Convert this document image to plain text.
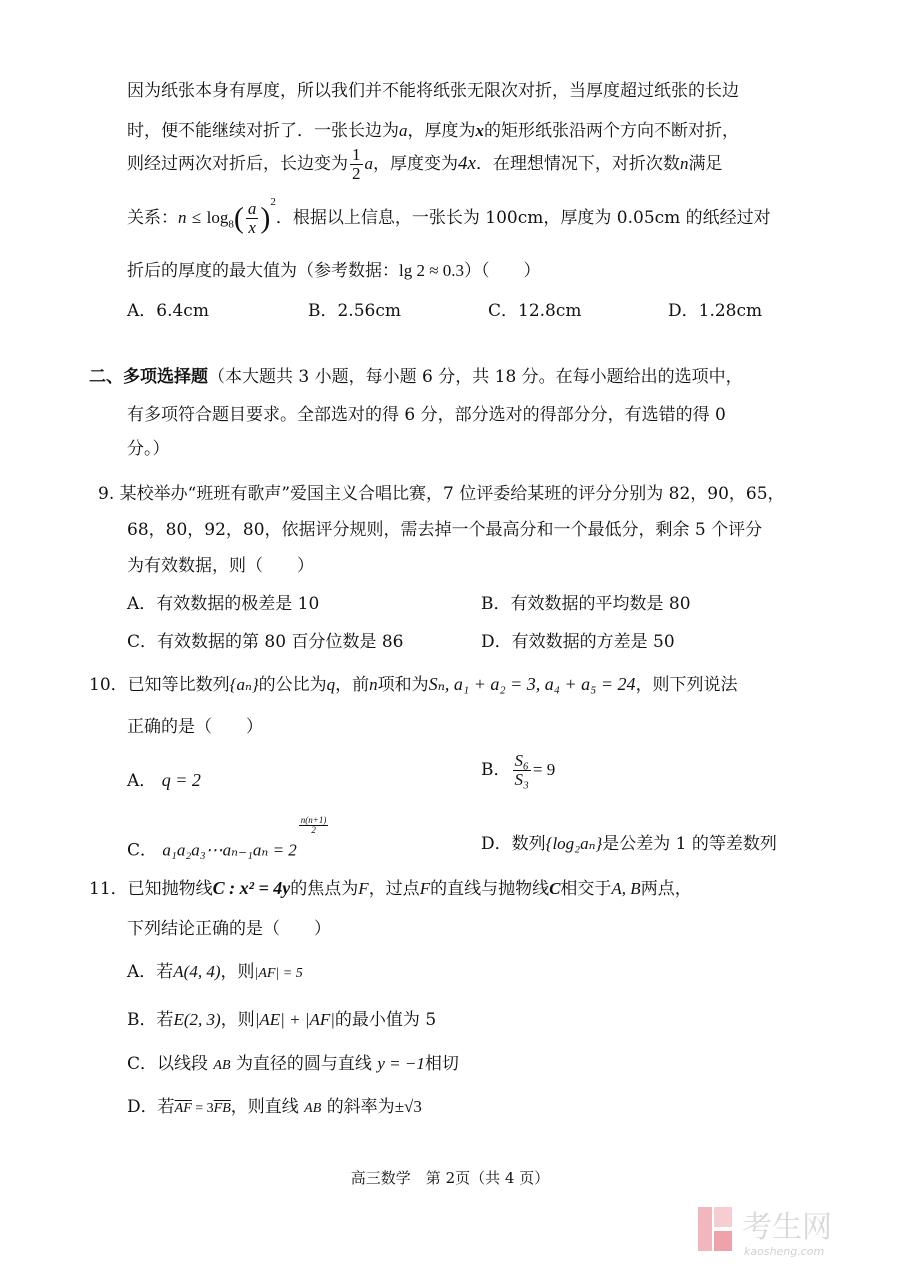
因为纸张本身有厚度，所以我们并不能将纸张无限次对折，当厚度超过纸张的长边
时，便不能继续对折了．一张长边为a，厚度为x的矩形纸张沿两个方向不断对折，
则经过两次对折后，长边变为 $\frac{1}{2}$ a，厚度变为4x．在理想情况下，对折次数n满足
关系：$n \le \log_8( \frac{a}{x} )^2$．根据以上信息，一张长为 100cm，厚度为 0.05cm 的纸经过对
折后的厚度的最大值为（参考数据：lg 2 ≈ 0.3）（　　）
A．6.4cm	B．2.56cm	C．12.8cm	D．1.28cm
二、多项选择题（本大题共 3 小题，每小题 6 分，共 18 分。在每小题给出的选项中，
有多项符合题目要求。全部选对的得 6 分，部分选对的得部分分，有选错的得 0
分。）
9. 某校举办“班班有歌声”爱国主义合唱比赛，7 位评委给某班的评分分别为 82，90，65，
68，80，92，80，依据评分规则，需去掉一个最高分和一个最低分，剩余 5 个评分
为有效数据，则（　　）
A．有效数据的极差是 10	B．有效数据的平均数是 80
C．有效数据的第 80 百分位数是 86	D．有效数据的方差是 50
10．已知等比数列{aₙ}的公比为q，前n项和为Sₙ, a₁ + a₂ = 3, a₄ + a₅ = 24，则下列说法
正确的是（　　）
A． q = 2
B． $\frac{\text{S₆}}{\text{S₃}} = 9$
C． a₁a₂a₃⋯aₙ₋₁aₙ = 2
$\frac{n(n+1)}{2}$
D．数列{log₂aₙ}是公差为 1 的等差数列
11．已知抛物线C : x² = 4y的焦点为F，过点F的直线与抛物线C相交于A, B两点，
下列结论正确的是（　　）
A．若A(4, 4)，则|AF| = 5
B．若E(2, 3)，则|AE| + |AF|的最小值为 5
C．以线段 AB 为直径的圆与直线 y = −1相切
D．若$\overline{AF} = 3\overline{FB}$，则直线 AB 的斜率为±√3
高三数学　第 2页（共 4 页）
考生网
kaosheng.com
